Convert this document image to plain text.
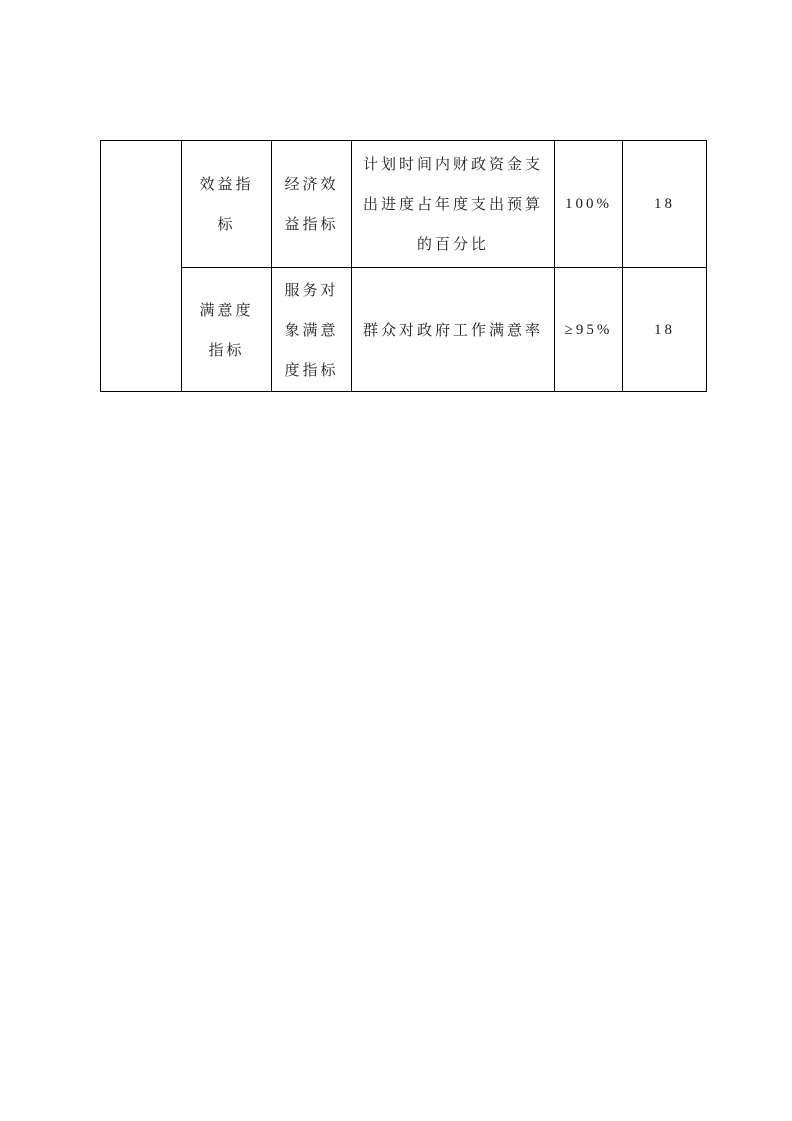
	效益指标	经济效益指标	计划时间内财政资金支出进度占年度支出预算的百分比	100%	18
	满意度指标	服务对象满意度指标	群众对政府工作满意率	≥95%	18
